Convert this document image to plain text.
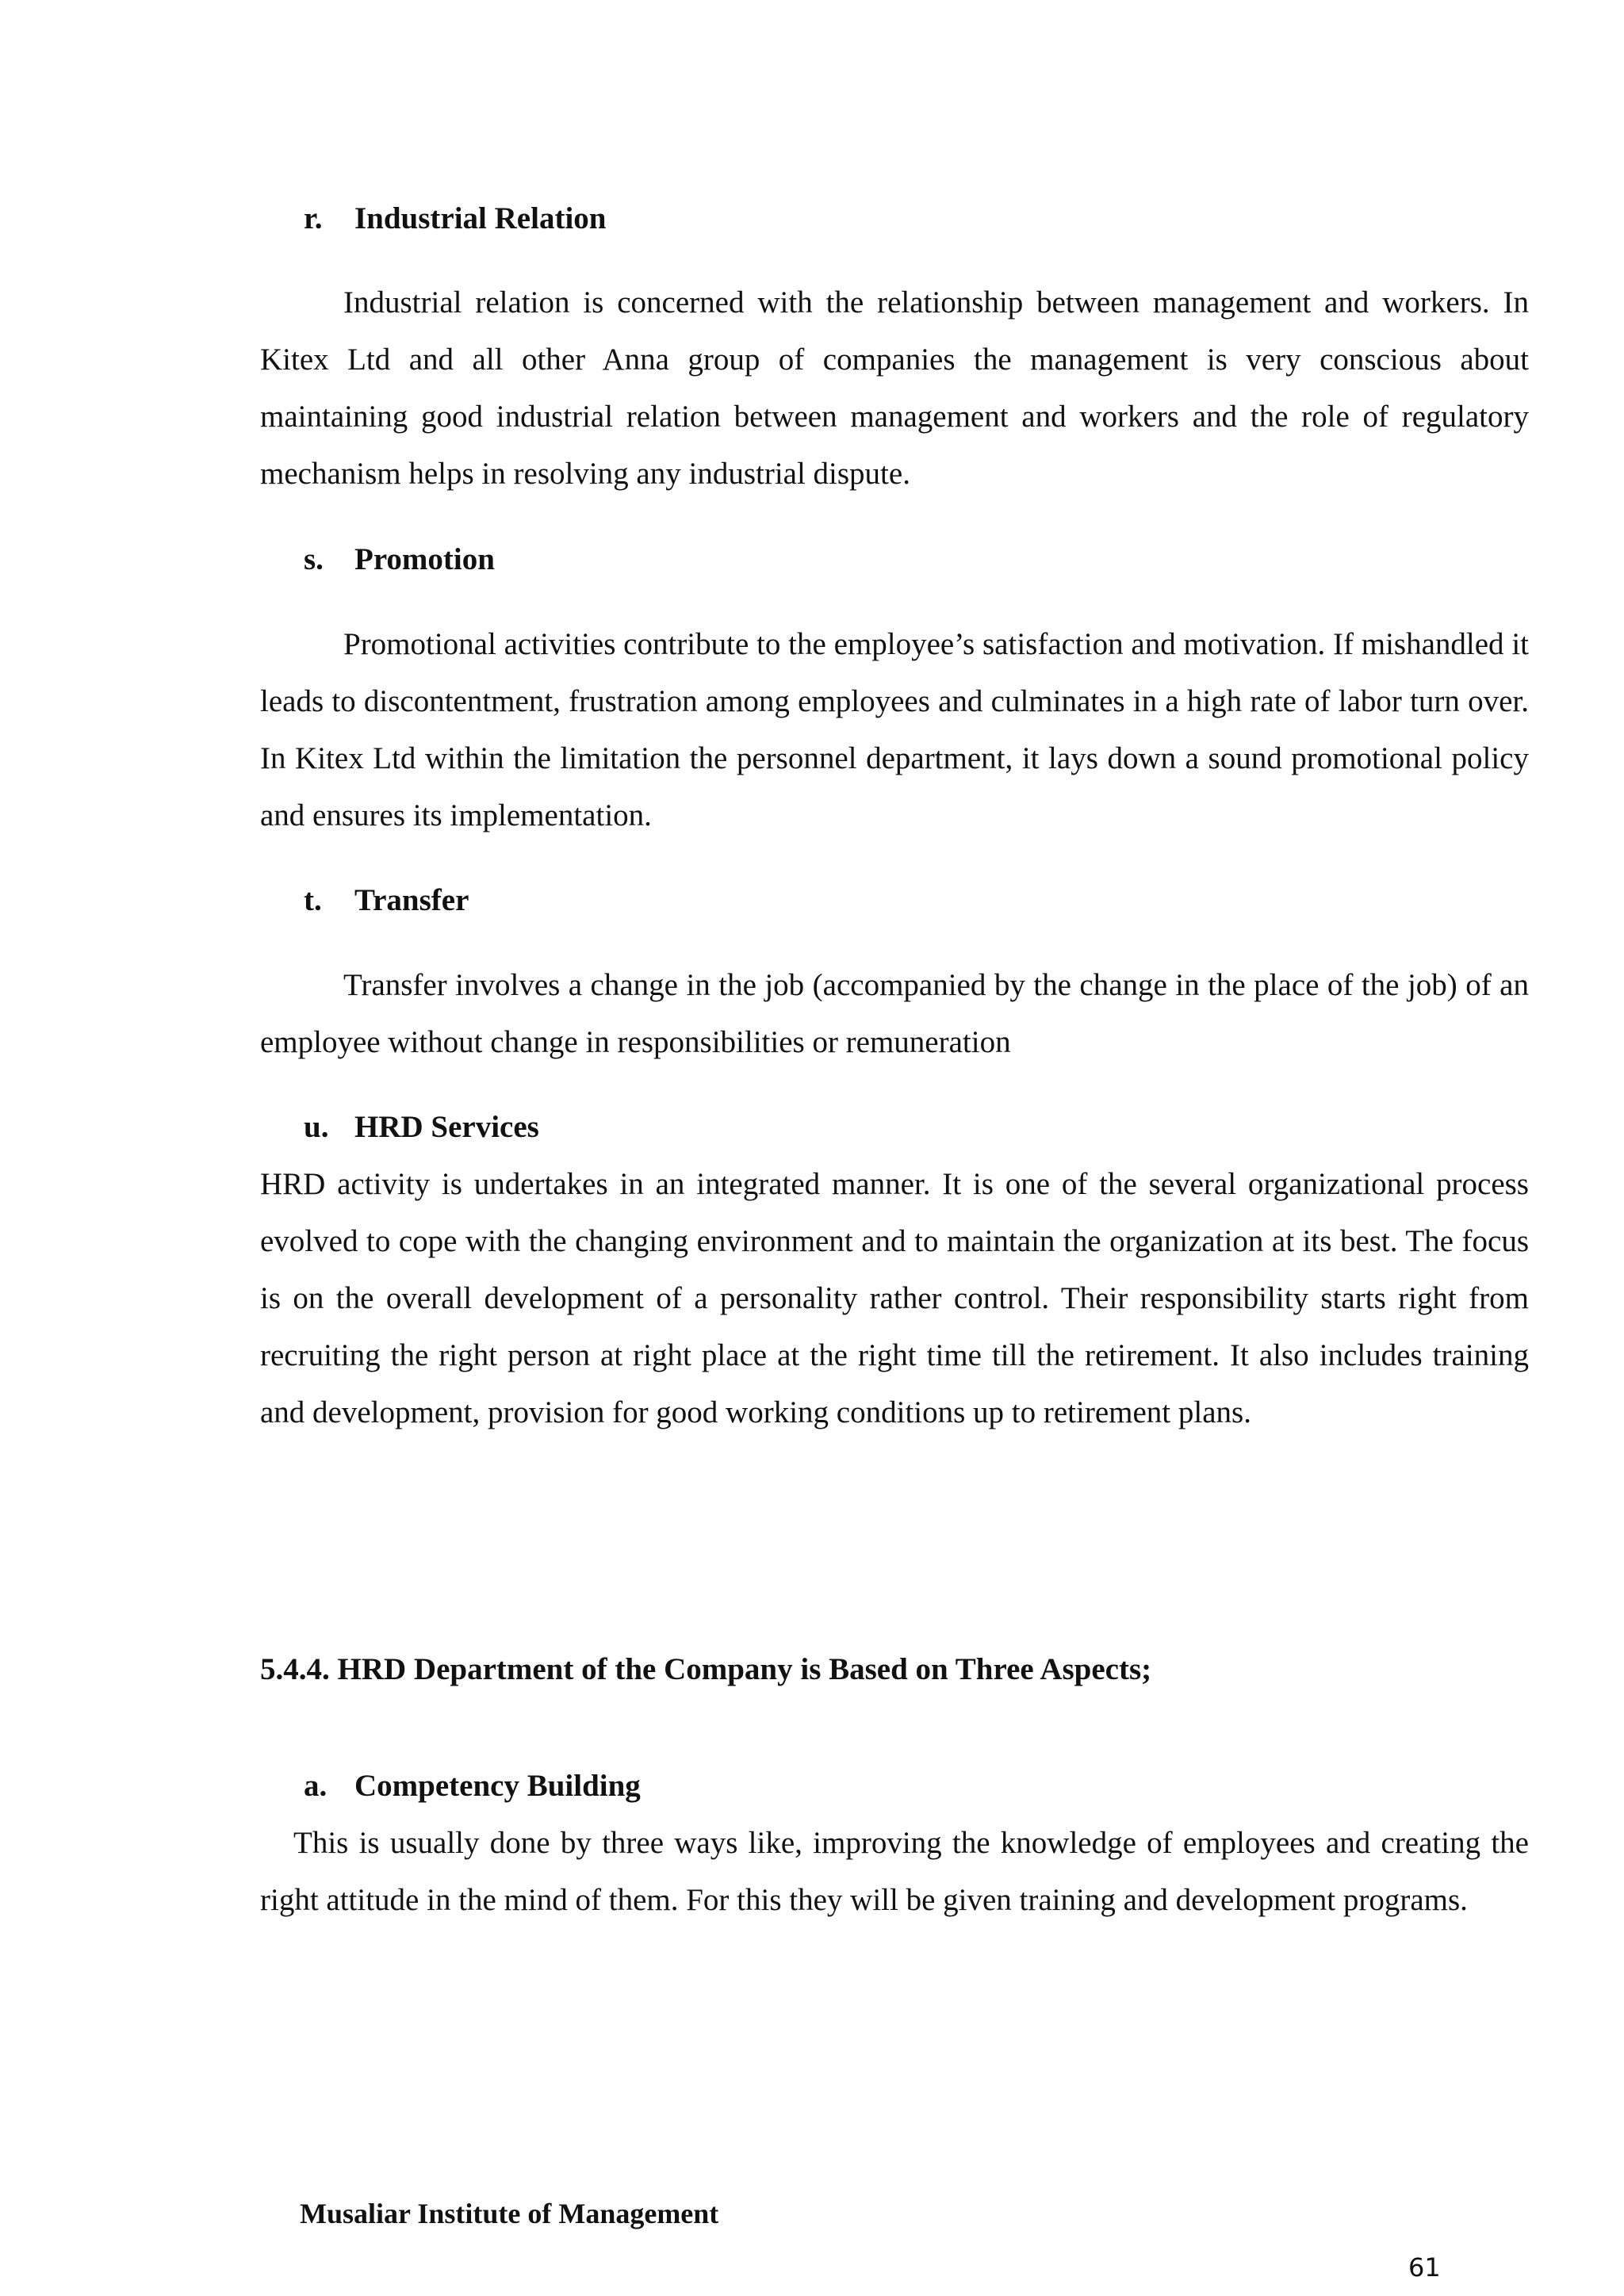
r. Industrial Relation

Industrial relation is concerned with the relationship between management and workers. In Kitex Ltd and all other Anna group of companies the management is very conscious about maintaining good industrial relation between management and workers and the role of regulatory mechanism helps in resolving any industrial dispute.

s. Promotion

Promotional activities contribute to the employee’s satisfaction and motivation. If mishandled it leads to discontentment, frustration among employees and culminates in a high rate of labor turn over. In Kitex Ltd within the limitation the personnel department, it lays down a sound promotional policy and ensures its implementation.

t. Transfer

Transfer involves a change in the job (accompanied by the change in the place of the job) of an employee without change in responsibilities or remuneration

u. HRD Services

HRD activity is undertakes in an integrated manner. It is one of the several organizational process evolved to cope with the changing environment and to maintain the organization at its best. The focus is on the overall development of a personality rather control. Their responsibility starts right from recruiting the right person at right place at the right time till the retirement. It also includes training and development, provision for good working conditions up to retirement plans.

5.4.4. HRD Department of the Company is Based on Three Aspects;
a. Competency Building

This is usually done by three ways like, improving the knowledge of employees and creating the right attitude in the mind of them. For this they will be given training and development programs.

Musaliar Institute of Management
61
